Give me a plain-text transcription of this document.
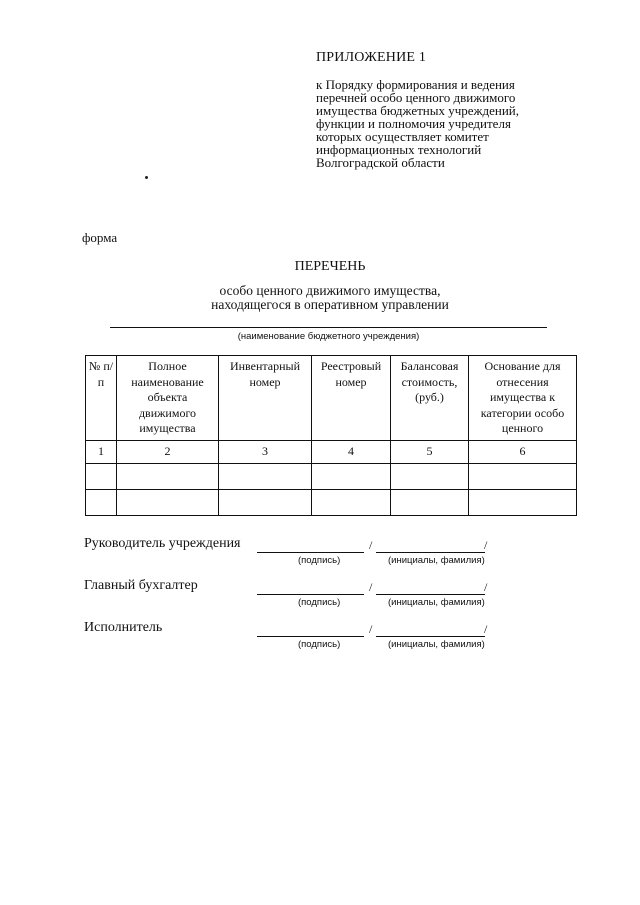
ПРИЛОЖЕНИЕ 1
к Порядку формирования и ведения
перечней особо ценного движимого
имущества бюджетных учреждений,
функции и полномочия учредителя
которых осуществляет комитет
информационных технологий
Волгоградской области
форма
ПЕРЕЧЕНЬ
особо ценного движимого имущества,
находящегося в оперативном управлении
(наименование бюджетного учреждения)
№ п/п	Полное наименование объекта движимого имущества	Инвентарный номер	Реестровый номер	Балансовая стоимость, (руб.)	Основание для отнесения имущества к категории особо ценного
1	2	3	4	5	6

Руководитель учреждения	/	/
(подпись)	(инициалы, фамилия)
Главный бухгалтер	/	/
(подпись)	(инициалы, фамилия)
Исполнитель	/	/
(подпись)	(инициалы, фамилия)
